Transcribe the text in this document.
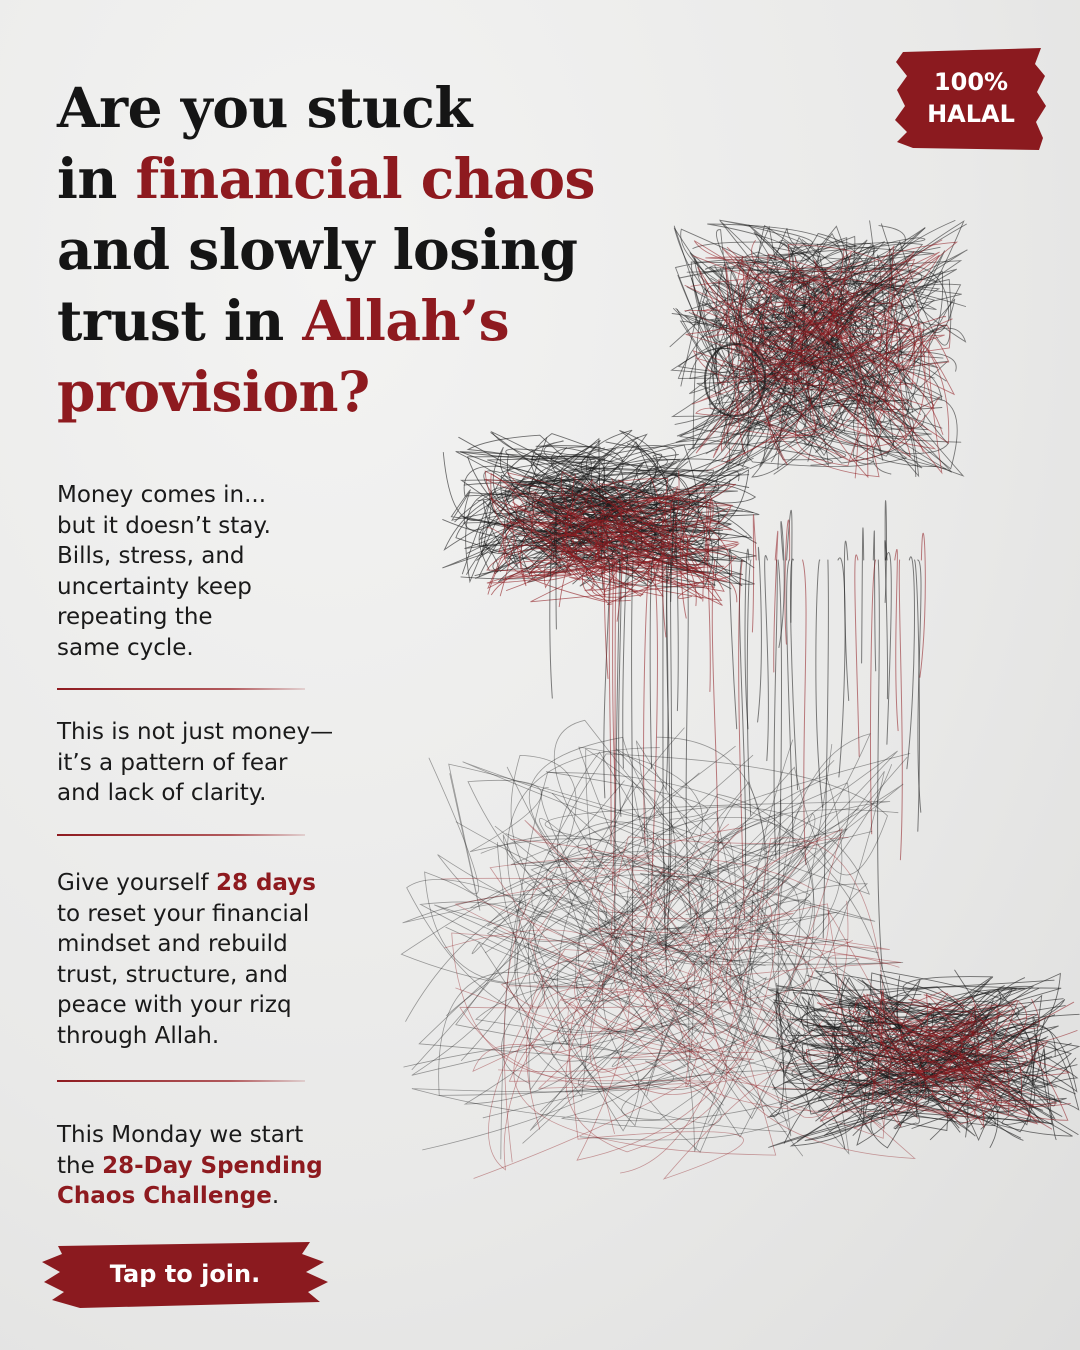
Are you stuck
in financial chaos
and slowly losing
trust in Allah’s
provision?
100%
HALAL

Money comes in...
but it doesn’t stay.
Bills, stress, and
uncertainty keep
repeating the
same cycle.

This is not just money—
it’s a pattern of fear
and lack of clarity.

Give yourself 28 days
to reset your financial
mindset and rebuild
trust, structure, and
peace with your rizq
through Allah.

This Monday we start
the 28-Day Spending
Chaos Challenge.

Tap to join.
